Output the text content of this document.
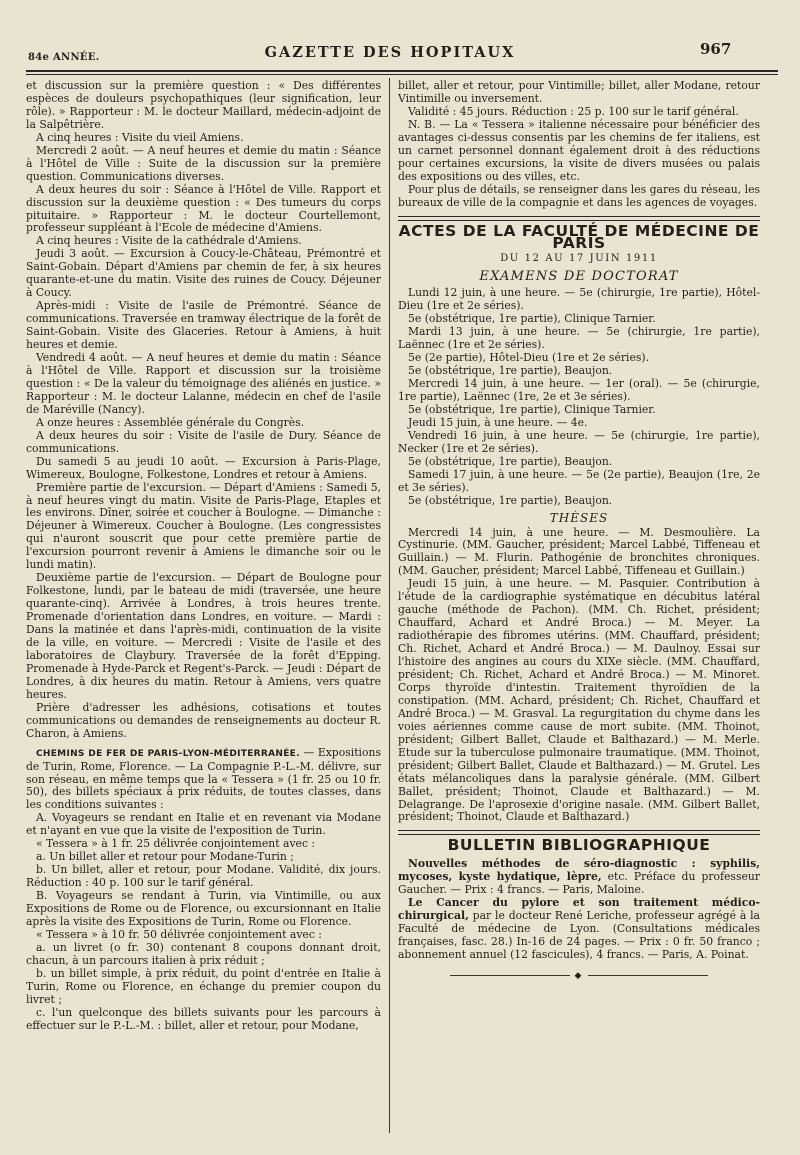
84e ANNÉE.	GAZETTE DES HOPITAUX	967

et discussion sur la première question : « Des différentes espèces de douleurs psychopathiques (leur signification, leur rôle). » Rapporteur : M. le docteur Maillard, médecin-adjoint de la Salpêtrière.

A cinq heures : Visite du vieil Amiens.

Mercredi 2 août. — A neuf heures et demie du matin : Séance à l'Hôtel de Ville : Suite de la discussion sur la première question. Communications diverses.

A deux heures du soir : Séance à l'Hôtel de Ville. Rapport et discussion sur la deuxième question : « Des tumeurs du corps pituitaire. » Rapporteur : M. le docteur Courtellemont, professeur suppléant à l'Ecole de médecine d'Amiens.

A cinq heures : Visite de la cathédrale d'Amiens.

Jeudi 3 août. — Excursion à Coucy-le-Château, Prémontré et Saint-Gobain. Départ d'Amiens par chemin de fer, à six heures quarante-et-une du matin. Visite des ruines de Coucy. Déjeuner à Coucy.

Après-midi : Visite de l'asile de Prémontré. Séance de communications. Traversée en tramway électrique de la forêt de Saint-Gobain. Visite des Glaceries. Retour à Amiens, à huit heures et demie.

Vendredi 4 août. — A neuf heures et demie du matin : Séance à l'Hôtel de Ville. Rapport et discussion sur la troisième question : « De la valeur du témoignage des aliénés en justice. » Rapporteur : M. le docteur Lalanne, médecin en chef de l'asile de Maréville (Nancy).

A onze heures : Assemblée générale du Congrès.

A deux heures du soir : Visite de l'asile de Dury. Séance de communications.

Du samedi 5 au jeudi 10 août. — Excursion à Paris-Plage, Wimereux, Boulogne, Folkestone, Londres et retour à Amiens.

Première partie de l'excursion. — Départ d'Amiens : Samedi 5, à neuf heures vingt du matin. Visite de Paris-Plage, Etaples et les environs. Dîner, soirée et coucher à Boulogne. — Dimanche : Déjeuner à Wimereux. Coucher à Boulogne. (Les congressistes qui n'auront souscrit que pour cette première partie de l'excursion pourront revenir à Amiens le dimanche soir ou le lundi matin).

Deuxième partie de l'excursion. — Départ de Boulogne pour Folkestone, lundi, par le bateau de midi (traversée, une heure quarante-cinq). Arrivée à Londres, à trois heures trente. Promenade d'orientation dans Londres, en voiture. — Mardi : Dans la matinée et dans l'après-midi, continuation de la visite de la ville, en voiture. — Mercredi : Visite de l'asile et des laboratoires de Claybury. Traversée de la forêt d'Epping. Promenade à Hyde-Parck et Regent's-Parck. — Jeudi : Départ de Londres, à dix heures du matin. Retour à Amiens, vers quatre heures.

Prière d'adresser les adhésions, cotisations et toutes communications ou demandes de renseignements au docteur R. Charon, à Amiens.

CHEMINS DE FER DE PARIS-LYON-MÉDITERRANÉE. — Expositions de Turin, Rome, Florence. — La Compagnie P.-L.-M. délivre, sur son réseau, en même temps que la « Tessera » (1 fr. 25 ou 10 fr. 50), des billets spéciaux à prix réduits, de toutes classes, dans les conditions suivantes :

A. Voyageurs se rendant en Italie et en revenant via Modane et n'ayant en vue que la visite de l'exposition de Turin.

« Tessera » à 1 fr. 25 délivrée conjointement avec :

a. Un billet aller et retour pour Modane-Turin ;

b. Un billet, aller et retour, pour Modane. Validité, dix jours. Réduction : 40 p. 100 sur le tarif général.

B. Voyageurs se rendant à Turin, via Vintimille, ou aux Expositions de Rome ou de Florence, ou excursionnant en Italie après la visite des Expositions de Turin, Rome ou Florence.

« Tessera » à 10 fr. 50 délivrée conjointement avec :

a. un livret (o fr. 30) contenant 8 coupons donnant droit, chacun, à un parcours italien à prix réduit ;

b. un billet simple, à prix réduit, du point d'entrée en Italie à Turin, Rome ou Florence, en échange du premier coupon du livret ;

c. l'un quelconque des billets suivants pour les parcours à effectuer sur le P.-L.-M. : billet, aller et retour, pour Modane,

billet, aller et retour, pour Vintimille; billet, aller Modane, retour Vintimille ou inversement.

Validité : 45 jours. Réduction : 25 p. 100 sur le tarif général.

N. B. — La « Tessera » italienne nécessaire pour bénéficier des avantages ci-dessus consentis par les chemins de fer italiens, est un carnet personnel donnant également droit à des réductions pour certaines excursions, la visite de divers musées ou palais des expositions ou des villes, etc.

Pour plus de détails, se renseigner dans les gares du réseau, les bureaux de ville de la compagnie et dans les agences de voyages.

ACTES DE LA FACULTÉ DE MÉDECINE DE PARIS
DU 12 AU 17 JUIN 1911
EXAMENS DE DOCTORAT

Lundi 12 juin, à une heure. — 5e (chirurgie, 1re partie), Hôtel-Dieu (1re et 2e séries).

5e (obstétrique, 1re partie), Clinique Tarnier.

Mardi 13 juin, à une heure. — 5e (chirurgie, 1re partie), Laënnec (1re et 2e séries).

5e (2e partie), Hôtel-Dieu (1re et 2e séries).

5e (obstétrique, 1re partie), Beaujon.

Mercredi 14 juin, à une heure. — 1er (oral). — 5e (chirurgie, 1re partie), Laënnec (1re, 2e et 3e séries).

5e (obstétrique, 1re partie), Clinique Tarnier.

Jeudi 15 juin, à une heure. — 4e.

Vendredi 16 juin, à une heure. — 5e (chirurgie, 1re partie), Necker (1re et 2e séries).

5e (obstétrique, 1re partie), Beaujon.

Samedi 17 juin, à une heure. — 5e (2e partie), Beaujon (1re, 2e et 3e séries).

5e (obstétrique, 1re partie), Beaujon.

THÈSES

Mercredi 14 juin, à une heure. — M. Desmoulière. La Cystinurie. (MM. Gaucher, président; Marcel Labbé, Tiffeneau et Guillain.) — M. Flurin. Pathogénie de bronchites chroniques. (MM. Gaucher, président; Marcel Labbé, Tiffeneau et Guillain.)

Jeudi 15 juin, à une heure. — M. Pasquier. Contribution à l'étude de la cardiographie systématique en décubitus latéral gauche (méthode de Pachon). (MM. Ch. Richet, président; Chauffard, Achard et André Broca.) — M. Meyer. La radiothérapie des fibromes utérins. (MM. Chauffard, président; Ch. Richet, Achard et André Broca.) — M. Daulnoy. Essai sur l'histoire des angines au cours du XIXe siècle. (MM. Chauffard, président; Ch. Richet, Achard et André Broca.) — M. Minoret. Corps thyroïde d'intestin. Traitement thyroïdien de la constipation. (MM. Achard, président; Ch. Richet, Chauffard et André Broca.) — M. Grasval. La regurgitation du chyme dans les voies aériennes comme cause de mort subite. (MM. Thoinot, président; Gilbert Ballet, Claude et Balthazard.) — M. Merle. Etude sur la tuberculose pulmonaire traumatique. (MM. Thoinot, président; Gilbert Ballet, Claude et Balthazard.) — M. Grutel. Les états mélancoliques dans la paralysie générale. (MM. Gilbert Ballet, président; Thoinot, Claude et Balthazard.) — M. Delagrange. De l'aprosexie d'origine nasale. (MM. Gilbert Ballet, président; Thoinot, Claude et Balthazard.)

BULLETIN BIBLIOGRAPHIQUE

Nouvelles méthodes de séro-diagnostic : syphilis, mycoses, kyste hydatique, lèpre, etc. Préface du professeur Gaucher. — Prix : 4 francs. — Paris, Maloine.

Le Cancer du pylore et son traitement médico-chirurgical, par le docteur René Leriche, professeur agrégé à la Faculté de médecine de Lyon. (Consultations médicales françaises, fasc. 28.) In-16 de 24 pages. — Prix : 0 fr. 50 franco ; abonnement annuel (12 fascicules), 4 francs. — Paris, A. Poinat.

◆
